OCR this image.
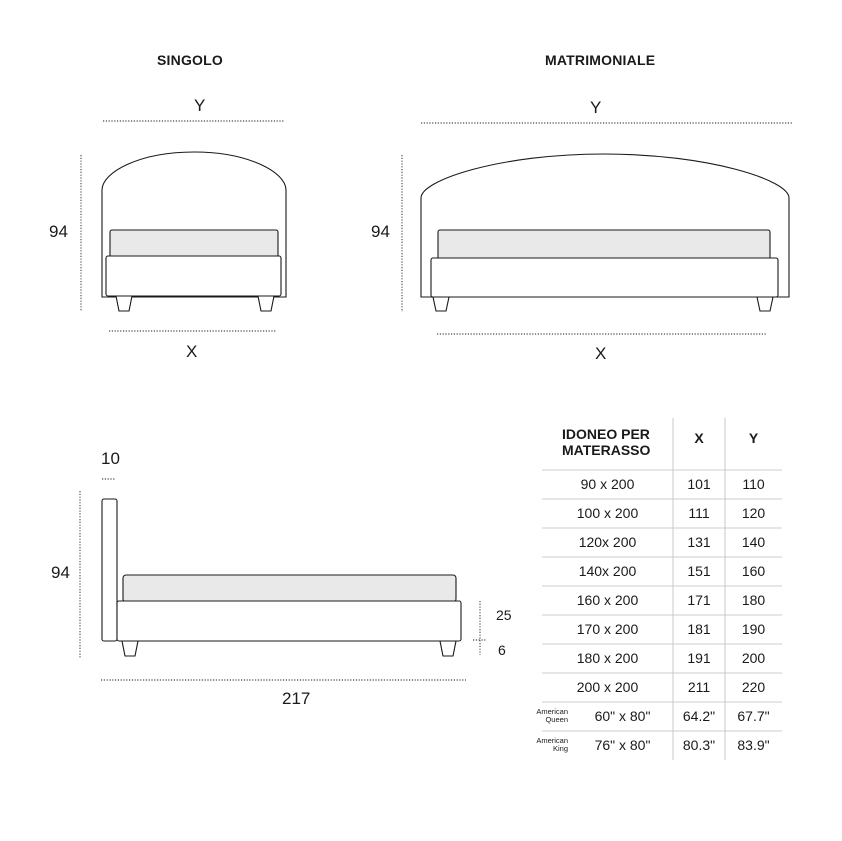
SINGOLO	MATRIMONIALE
Y
94
X
Y
94
X
10
94
217
25
6
IDONEO PER
MATERASSO
X	Y
90 x 200	101	110
100 x 200	111	120
120x 200	131	140
140x 200	151	160
160 x 200	171	180
170 x 200	181	190
180 x 200	191	200
200 x 200	211	220
American
Queen	60" x 80"	64.2"	67.7"
American
King	76" x 80"	80.3"	83.9"
